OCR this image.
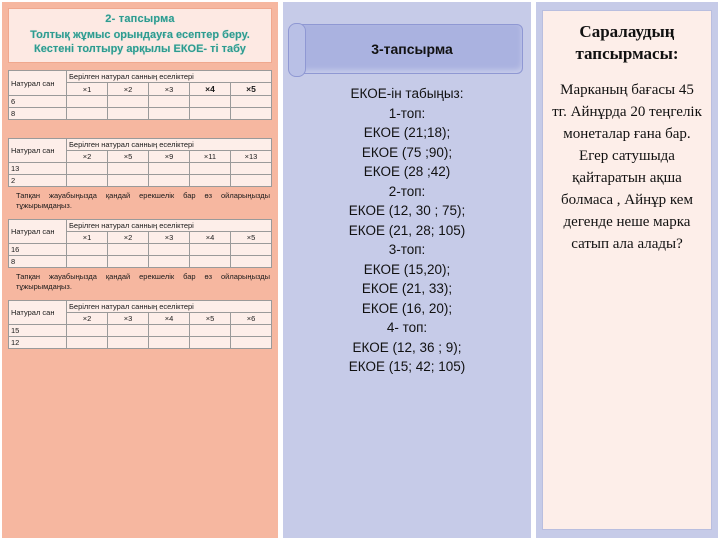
2- тапсырма
Толтық жұмыс орындауға есептер беру.
Кестені толтыру арқылы ЕКОЕ- ті табу
Натурал сан	Берілген натурал санның еселіктері				
	×1	×2	×3	×4	×5
6					
8					
Натурал сан	Берілген натурал санның еселіктері				
	×2	×5	×9	×11	×13
13					
2					
Тапқан жауабыңызда қандай ерекшелік бар өз ойларыңызды тұжырымдаңыз.
Натурал сан	Берілген натурал санның еселіктері				
	×1	×2	×3	×4	×5
16					
8					
Тапқан жауабыңызда қандай ерекшелік бар өз ойларыңызды тұжырымдаңыз.
Натурал сан	Берілген натурал санның еселіктері				
	×2	×3	×4	×5	×6
15					
12					
3-тапсырма
ЕКОЕ-ін табыңыз:
1-топ:
ЕКОЕ (21;18);
ЕКОЕ (75 ;90);
ЕКОЕ (28 ;42)
2-топ:
ЕКОЕ (12, 30 ; 75);
ЕКОЕ (21, 28; 105)
3-топ:
ЕКОЕ (15,20);
ЕКОЕ (21, 33);
ЕКОЕ (16, 20);
4- топ:
ЕКОЕ (12, 36 ; 9);
ЕКОЕ (15; 42; 105)
Саралаудың тапсырмасы:
Марканың бағасы 45 тг. Айнұрда 20 теңгелік монеталар ғана бар. Егер сатушыда қайтаратын ақша болмаса , Айнұр кем дегенде неше марка сатып ала алады?
